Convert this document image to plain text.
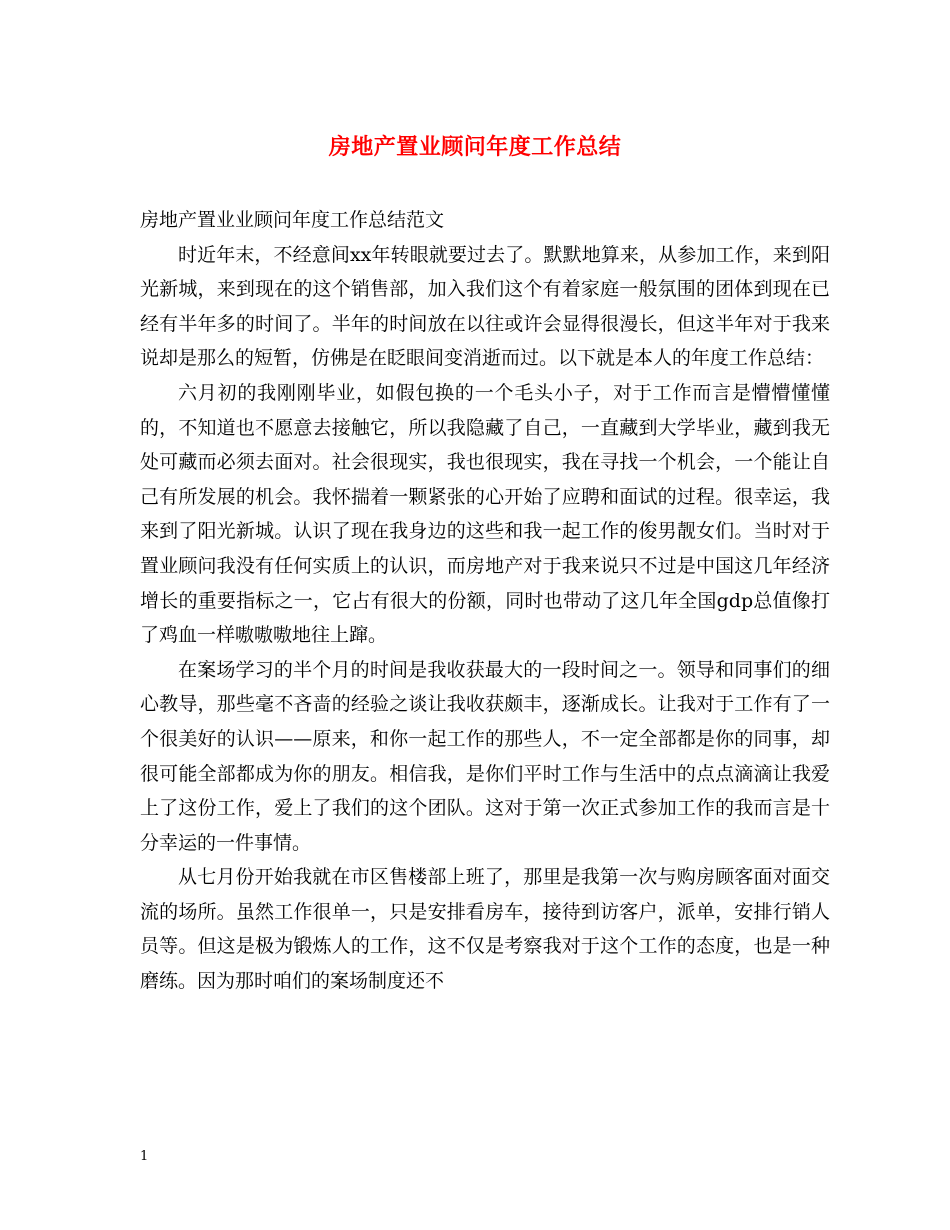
房地产置业顾问年度工作总结

房地产置业业顾问年度工作总结范文

时近年末，不经意间xx年转眼就要过去了。默默地算来，从参加工作，来到阳光新城，来到现在的这个销售部，加入我们这个有着家庭一般氛围的团体到现在已经有半年多的时间了。半年的时间放在以往或许会显得很漫长，但这半年对于我来说却是那么的短暂，仿佛是在眨眼间变消逝而过。以下就是本人的年度工作总结：

六月初的我刚刚毕业，如假包换的一个毛头小子，对于工作而言是懵懵懂懂的，不知道也不愿意去接触它，所以我隐藏了自己，一直藏到大学毕业，藏到我无处可藏而必须去面对。社会很现实，我也很现实，我在寻找一个机会，一个能让自己有所发展的机会。我怀揣着一颗紧张的心开始了应聘和面试的过程。很幸运，我来到了阳光新城。认识了现在我身边的这些和我一起工作的俊男靓女们。当时对于置业顾问我没有任何实质上的认识，而房地产对于我来说只不过是中国这几年经济增长的重要指标之一，它占有很大的份额，同时也带动了这几年全国gdp总值像打了鸡血一样嗷嗷嗷地往上蹿。

在案场学习的半个月的时间是我收获最大的一段时间之一。领导和同事们的细心教导，那些毫不吝啬的经验之谈让我收获颇丰，逐渐成长。让我对于工作有了一个很美好的认识——原来，和你一起工作的那些人，不一定全部都是你的同事，却很可能全部都成为你的朋友。相信我，是你们平时工作与生活中的点点滴滴让我爱上了这份工作，爱上了我们的这个团队。这对于第一次正式参加工作的我而言是十分幸运的一件事情。

从七月份开始我就在市区售楼部上班了，那里是我第一次与购房顾客面对面交流的场所。虽然工作很单一，只是安排看房车，接待到访客户，派单，安排行销人员等。但这是极为锻炼人的工作，这不仅是考察我对于这个工作的态度，也是一种磨练。因为那时咱们的案场制度还不

1
